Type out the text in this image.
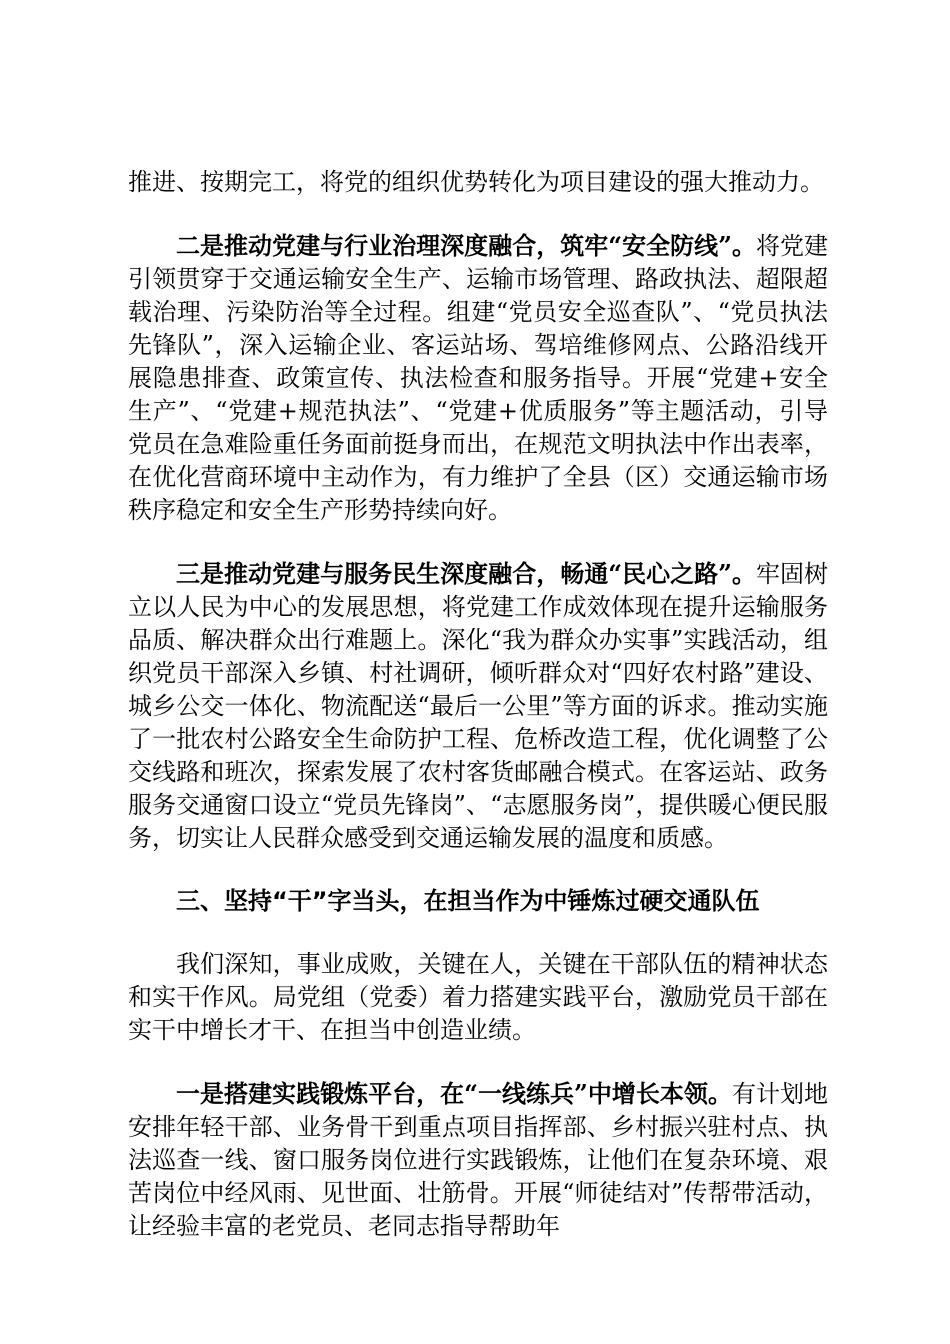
推进、按期完工，将党的组织优势转化为项目建设的强大推动力。

二是推动党建与行业治理深度融合，筑牢“安全防线”。将党建引领贯穿于交通运输安全生产、运输市场管理、路政执法、超限超载治理、污染防治等全过程。组建“党员安全巡查队”、“党员执法先锋队”，深入运输企业、客运站场、驾培维修网点、公路沿线开展隐患排查、政策宣传、执法检查和服务指导。开展“党建+安全生产”、“党建+规范执法”、“党建+优质服务”等主题活动，引导党员在急难险重任务面前挺身而出，在规范文明执法中作出表率，在优化营商环境中主动作为，有力维护了全县（区）交通运输市场秩序稳定和安全生产形势持续向好。

三是推动党建与服务民生深度融合，畅通“民心之路”。牢固树立以人民为中心的发展思想，将党建工作成效体现在提升运输服务品质、解决群众出行难题上。深化“我为群众办实事”实践活动，组织党员干部深入乡镇、村社调研，倾听群众对“四好农村路”建设、城乡公交一体化、物流配送“最后一公里”等方面的诉求。推动实施了一批农村公路安全生命防护工程、危桥改造工程，优化调整了公交线路和班次，探索发展了农村客货邮融合模式。在客运站、政务服务交通窗口设立“党员先锋岗”、“志愿服务岗”，提供暖心便民服务，切实让人民群众感受到交通运输发展的温度和质感。

三、坚持“干”字当头，在担当作为中锤炼过硬交通队伍

我们深知，事业成败，关键在人，关键在干部队伍的精神状态和实干作风。局党组（党委）着力搭建实践平台，激励党员干部在实干中增长才干、在担当中创造业绩。

一是搭建实践锻炼平台，在“一线练兵”中增长本领。有计划地安排年轻干部、业务骨干到重点项目指挥部、乡村振兴驻村点、执法巡查一线、窗口服务岗位进行实践锻炼，让他们在复杂环境、艰苦岗位中经风雨、见世面、壮筋骨。开展“师徒结对”传帮带活动，让经验丰富的老党员、老同志指导帮助年
